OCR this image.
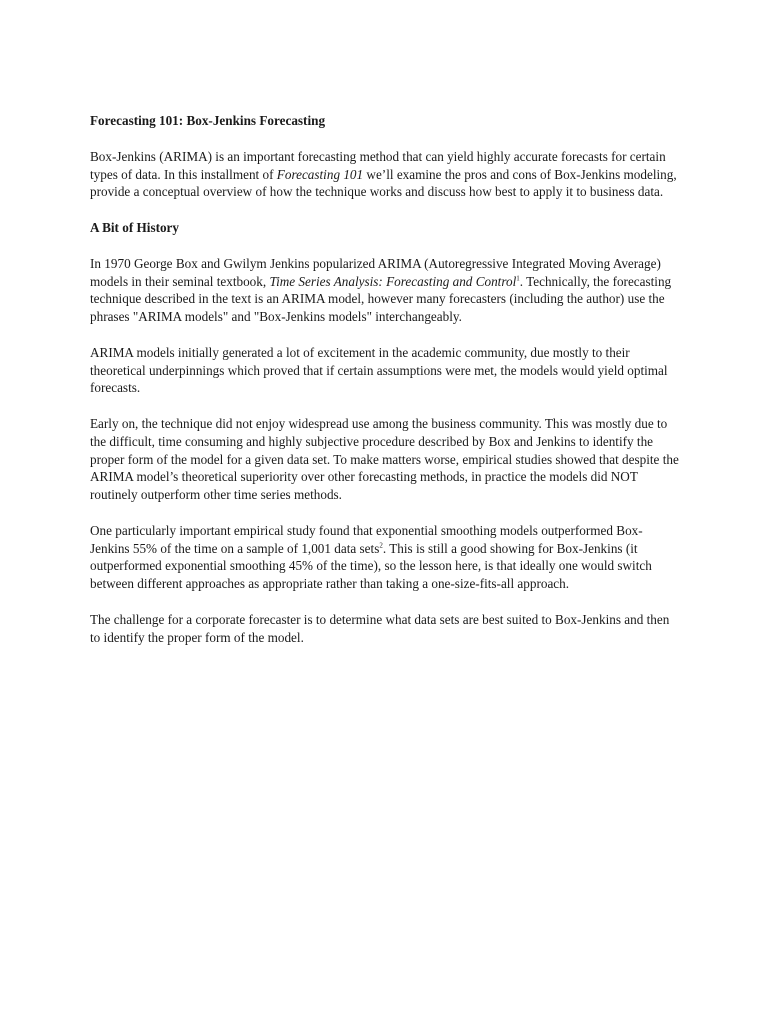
Forecasting 101: Box-Jenkins Forecasting

Box-Jenkins (ARIMA) is an important forecasting method that can yield highly accurate forecasts for certain types of data. In this installment of Forecasting 101 we’ll examine the pros and cons of Box-Jenkins modeling, provide a conceptual overview of how the technique works and discuss how best to apply it to business data.

A Bit of History

In 1970 George Box and Gwilym Jenkins popularized ARIMA (Autoregressive Integrated Moving Average) models in their seminal textbook, Time Series Analysis: Forecasting and Control$^1$. Technically, the forecasting technique described in the text is an ARIMA model, however many forecasters (including the author) use the phrases "ARIMA models" and "Box-Jenkins models" interchangeably.

ARIMA models initially generated a lot of excitement in the academic community, due mostly to their theoretical underpinnings which proved that if certain assumptions were met, the models would yield optimal forecasts.

Early on, the technique did not enjoy widespread use among the business community. This was mostly due to the difficult, time consuming and highly subjective procedure described by Box and Jenkins to identify the proper form of the model for a given data set. To make matters worse, empirical studies showed that despite the ARIMA model’s theoretical superiority over other forecasting methods, in practice the models did NOT routinely outperform other time series methods.

One particularly important empirical study found that exponential smoothing models outperformed Box-Jenkins 55% of the time on a sample of 1,001 data sets$^2$. This is still a good showing for Box-Jenkins (it outperformed exponential smoothing 45% of the time), so the lesson here, is that ideally one would switch between different approaches as appropriate rather than taking a one-size-fits-all approach.

The challenge for a corporate forecaster is to determine what data sets are best suited to Box-Jenkins and then to identify the proper form of the model.
